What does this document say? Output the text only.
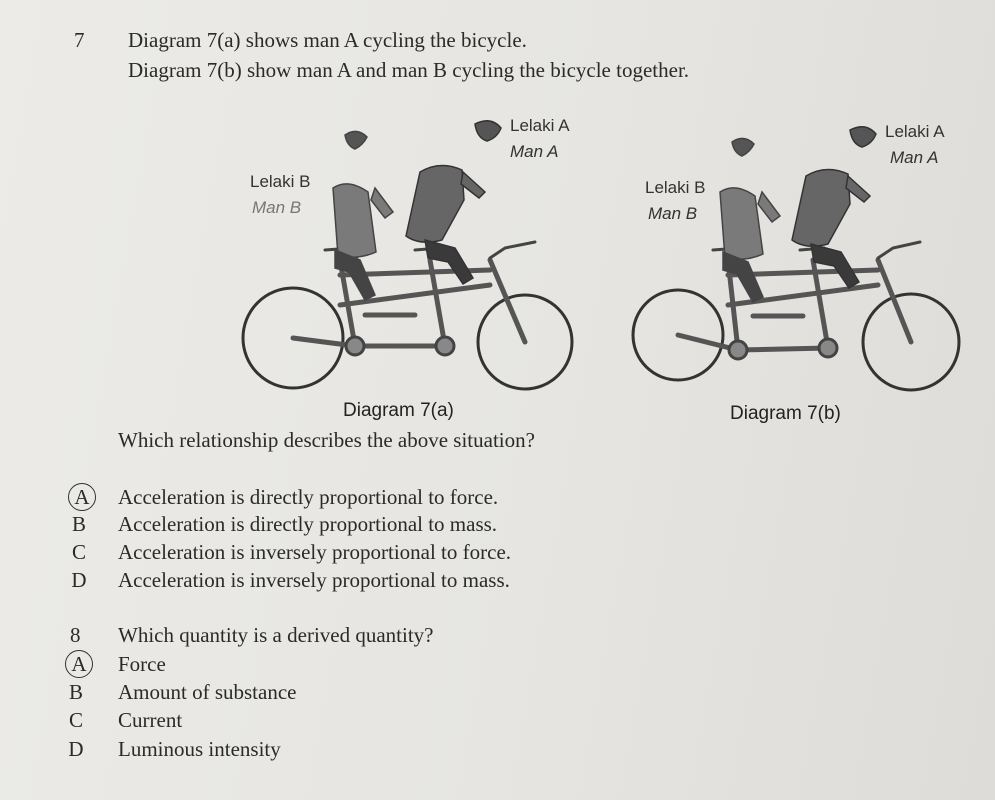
7 Diagram 7(a) shows man A cycling the bicycle.
Diagram 7(b) show man A and man B cycling the bicycle together.
Lelaki A
Man A
Lelaki B
Man B
Lelaki A
Man A
Lelaki B
Man B
Diagram 7(a)	Diagram 7(b)
Which relationship describes the above situation?
A	Acceleration is directly proportional to force.
B Acceleration is directly proportional to mass.
C Acceleration is inversely proportional to force.
D Acceleration is inversely proportional to mass.
8 Which quantity is a derived quantity?
A	Force
B Amount of substance
C Current
D Luminous intensity
